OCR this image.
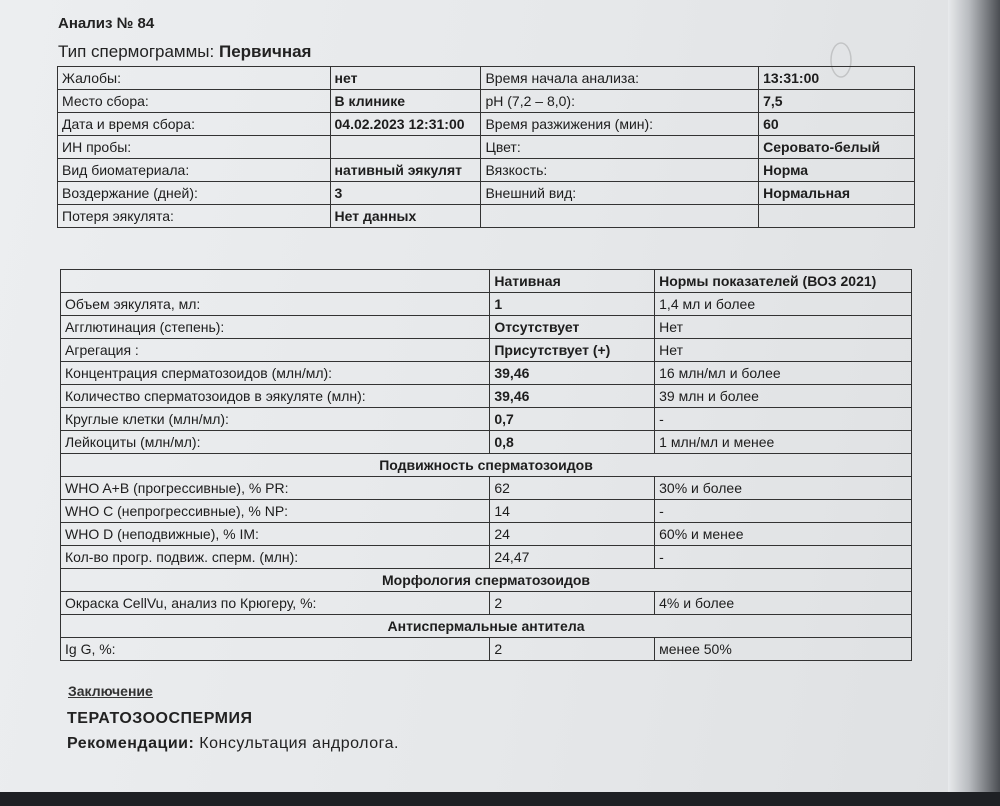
Анализ № 84
Тип спермограммы: Первичная
Жалобы:	нет	Время начала анализа:	13:31:00
Место сбора:	В клинике	pH (7,2 – 8,0):	7,5
Дата и время сбора:	04.02.2023 12:31:00	Время разжижения (мин):	60
ИН пробы:		Цвет:	Серовато-белый
Вид биоматериала:	нативный эякулят	Вязкость:	Норма
Воздержание (дней):	3	Внешний вид:	Нормальная
Потеря эякулята:	Нет данных		
	Нативная	Нормы показателей (ВОЗ 2021)
Объем эякулята, мл:	1	1,4 мл и более
Агглютинация (степень):	Отсутствует	Нет
Агрегация :	Присутствует (+)	Нет
Концентрация сперматозоидов (млн/мл):	39,46	16 млн/мл и более
Количество сперматозоидов в эякуляте (млн):	39,46	39 млн и более
Круглые клетки (млн/мл):	0,7	-
Лейкоциты (млн/мл):	0,8	1 млн/мл и менее
Подвижность сперматозоидов		
WHO A+B (прогрессивные), % PR:	62	30% и более
WHO C (непрогрессивные), % NP:	14	-
WHO D (неподвижные), % IM:	24	60% и менее
Кол-во прогр. подвиж. сперм. (млн):	24,47	-
Морфология сперматозоидов		
Окраска CellVu, анализ по Крюгеру, %:	2	4% и более
Антиспермальные антитела		
Ig G, %:	2	менее 50%
Заключение
ТЕРАТОЗООСПЕРМИЯ
Рекомендации: Консультация андролога.
